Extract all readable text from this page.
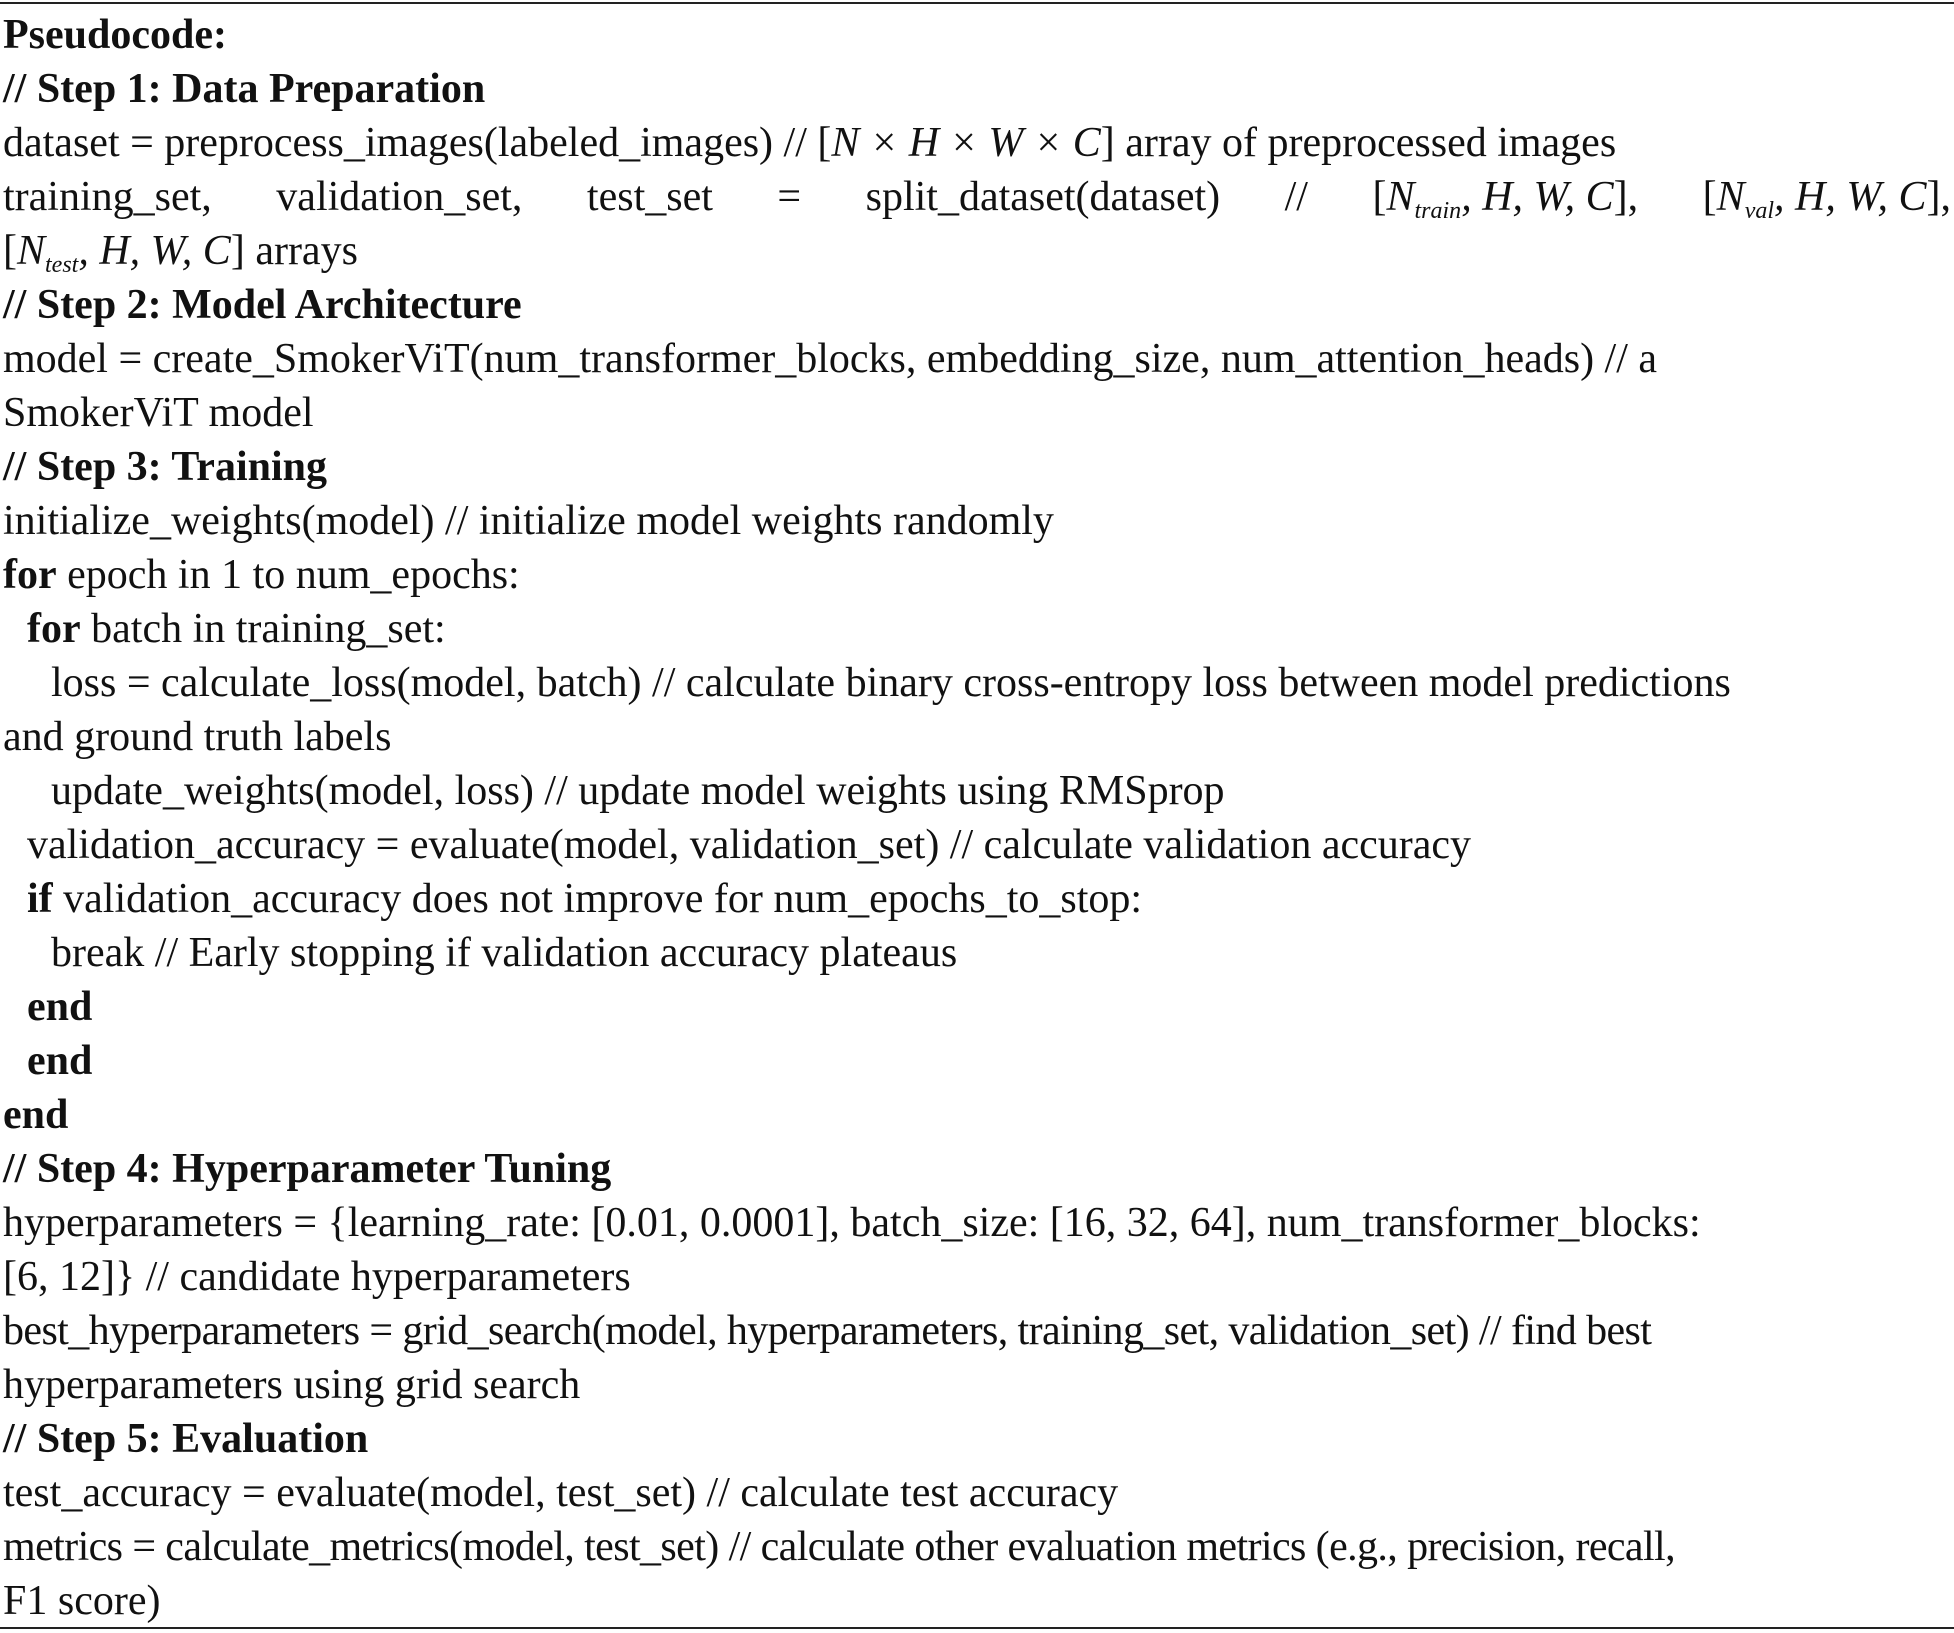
Pseudocode:
// Step 1: Data Preparation
dataset = preprocess_images(labeled_images) // [N × H × W × C] array of preprocessed images
training_set, validation_set, test_set = split_dataset(dataset) // [$N_{train}$, H, W, C], [$N_{val}$, H, W, C],
[$N_{test}$, H, W, C] arrays
// Step 2: Model Architecture
model = create_SmokerViT(num_transformer_blocks, embedding_size, num_attention_heads) // a
SmokerViT model
// Step 3: Training
initialize_weights(model) // initialize model weights randomly
for epoch in 1 to num_epochs:
for batch in training_set:
loss = calculate_loss(model, batch) // calculate binary cross-entropy loss between model predictions
and ground truth labels
update_weights(model, loss) // update model weights using RMSprop
validation_accuracy = evaluate(model, validation_set) // calculate validation accuracy
if validation_accuracy does not improve for num_epochs_to_stop:
break // Early stopping if validation accuracy plateaus
end
end
end
// Step 4: Hyperparameter Tuning
hyperparameters = {learning_rate: [0.01, 0.0001], batch_size: [16, 32, 64], num_transformer_blocks:
[6, 12]} // candidate hyperparameters
best_hyperparameters = grid_search(model, hyperparameters, training_set, validation_set) // find best
hyperparameters using grid search
// Step 5: Evaluation
test_accuracy = evaluate(model, test_set) // calculate test accuracy
metrics = calculate_metrics(model, test_set) // calculate other evaluation metrics (e.g., precision, recall,
F1 score)
